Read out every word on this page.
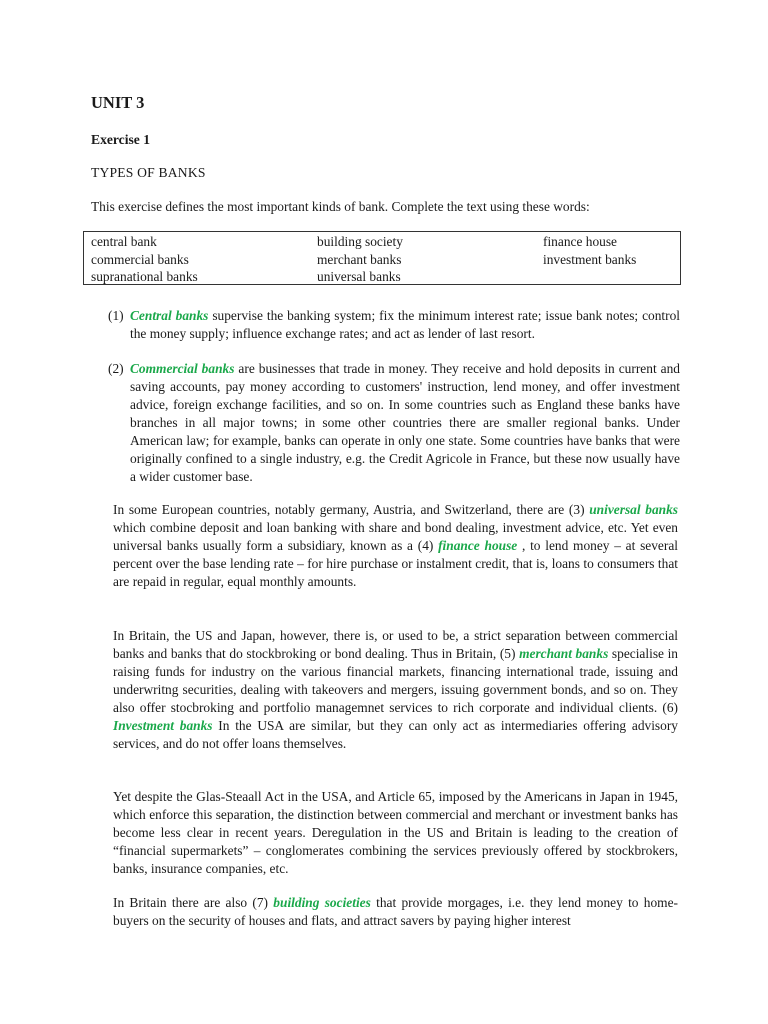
UNIT 3
Exercise 1
TYPES OF BANKS
This exercise defines the most important kinds of bank. Complete the text using these words:
central bank	building society	finance house
commercial banks	merchant banks	investment banks
supranational banks	universal banks
(1) Central banks supervise the banking system; fix the minimum interest rate; issue bank notes; control the money supply; influence exchange rates; and act as lender of last resort.
(2) Commercial banks are businesses that trade in money. They receive and hold deposits in current and saving accounts, pay money according to customers' instruction, lend money, and offer investment advice, foreign exchange facilities, and so on. In some countries such as England these banks have branches in all major towns; in some other countries there are smaller regional banks. Under American law; for example, banks can operate in only one state. Some countries have banks that were originally confined to a single industry, e.g. the Credit Agricole in France, but these now usually have a wider customer base.

In some European countries, notably germany, Austria, and Switzerland, there are (3) universal banks which combine deposit and loan banking with share and bond dealing, investment advice, etc. Yet even universal banks usually form a subsidiary, known as a (4) finance house , to lend money – at several percent over the base lending rate – for hire purchase or instalment credit, that is, loans to consumers that are repaid in regular, equal monthly amounts.

In Britain, the US and Japan, however, there is, or used to be, a strict separation between commercial banks and banks that do stockbroking or bond dealing. Thus in Britain, (5) merchant banks specialise in raising funds for industry on the various financial markets, financing international trade, issuing and underwritng securities, dealing with takeovers and mergers, issuing government bonds, and so on. They also offer stocbroking and portfolio managemnet services to rich corporate and individual clients. (6) Investment banks In the USA are similar, but they can only act as intermediaries offering advisory services, and do not offer loans themselves.

Yet despite the Glas-Steaall Act in the USA, and Article 65, imposed by the Americans in Japan in 1945, which enforce this separation, the distinction between commercial and merchant or investment banks has become less clear in recent years. Deregulation in the US and Britain is leading to the creation of “financial supermarkets” – conglomerates combining the services previously offered by stockbrokers, banks, insurance companies, etc.

In Britain there are also (7) building societies that provide morgages, i.e. they lend money to home-buyers on the security of houses and flats, and attract savers by paying higher interest
